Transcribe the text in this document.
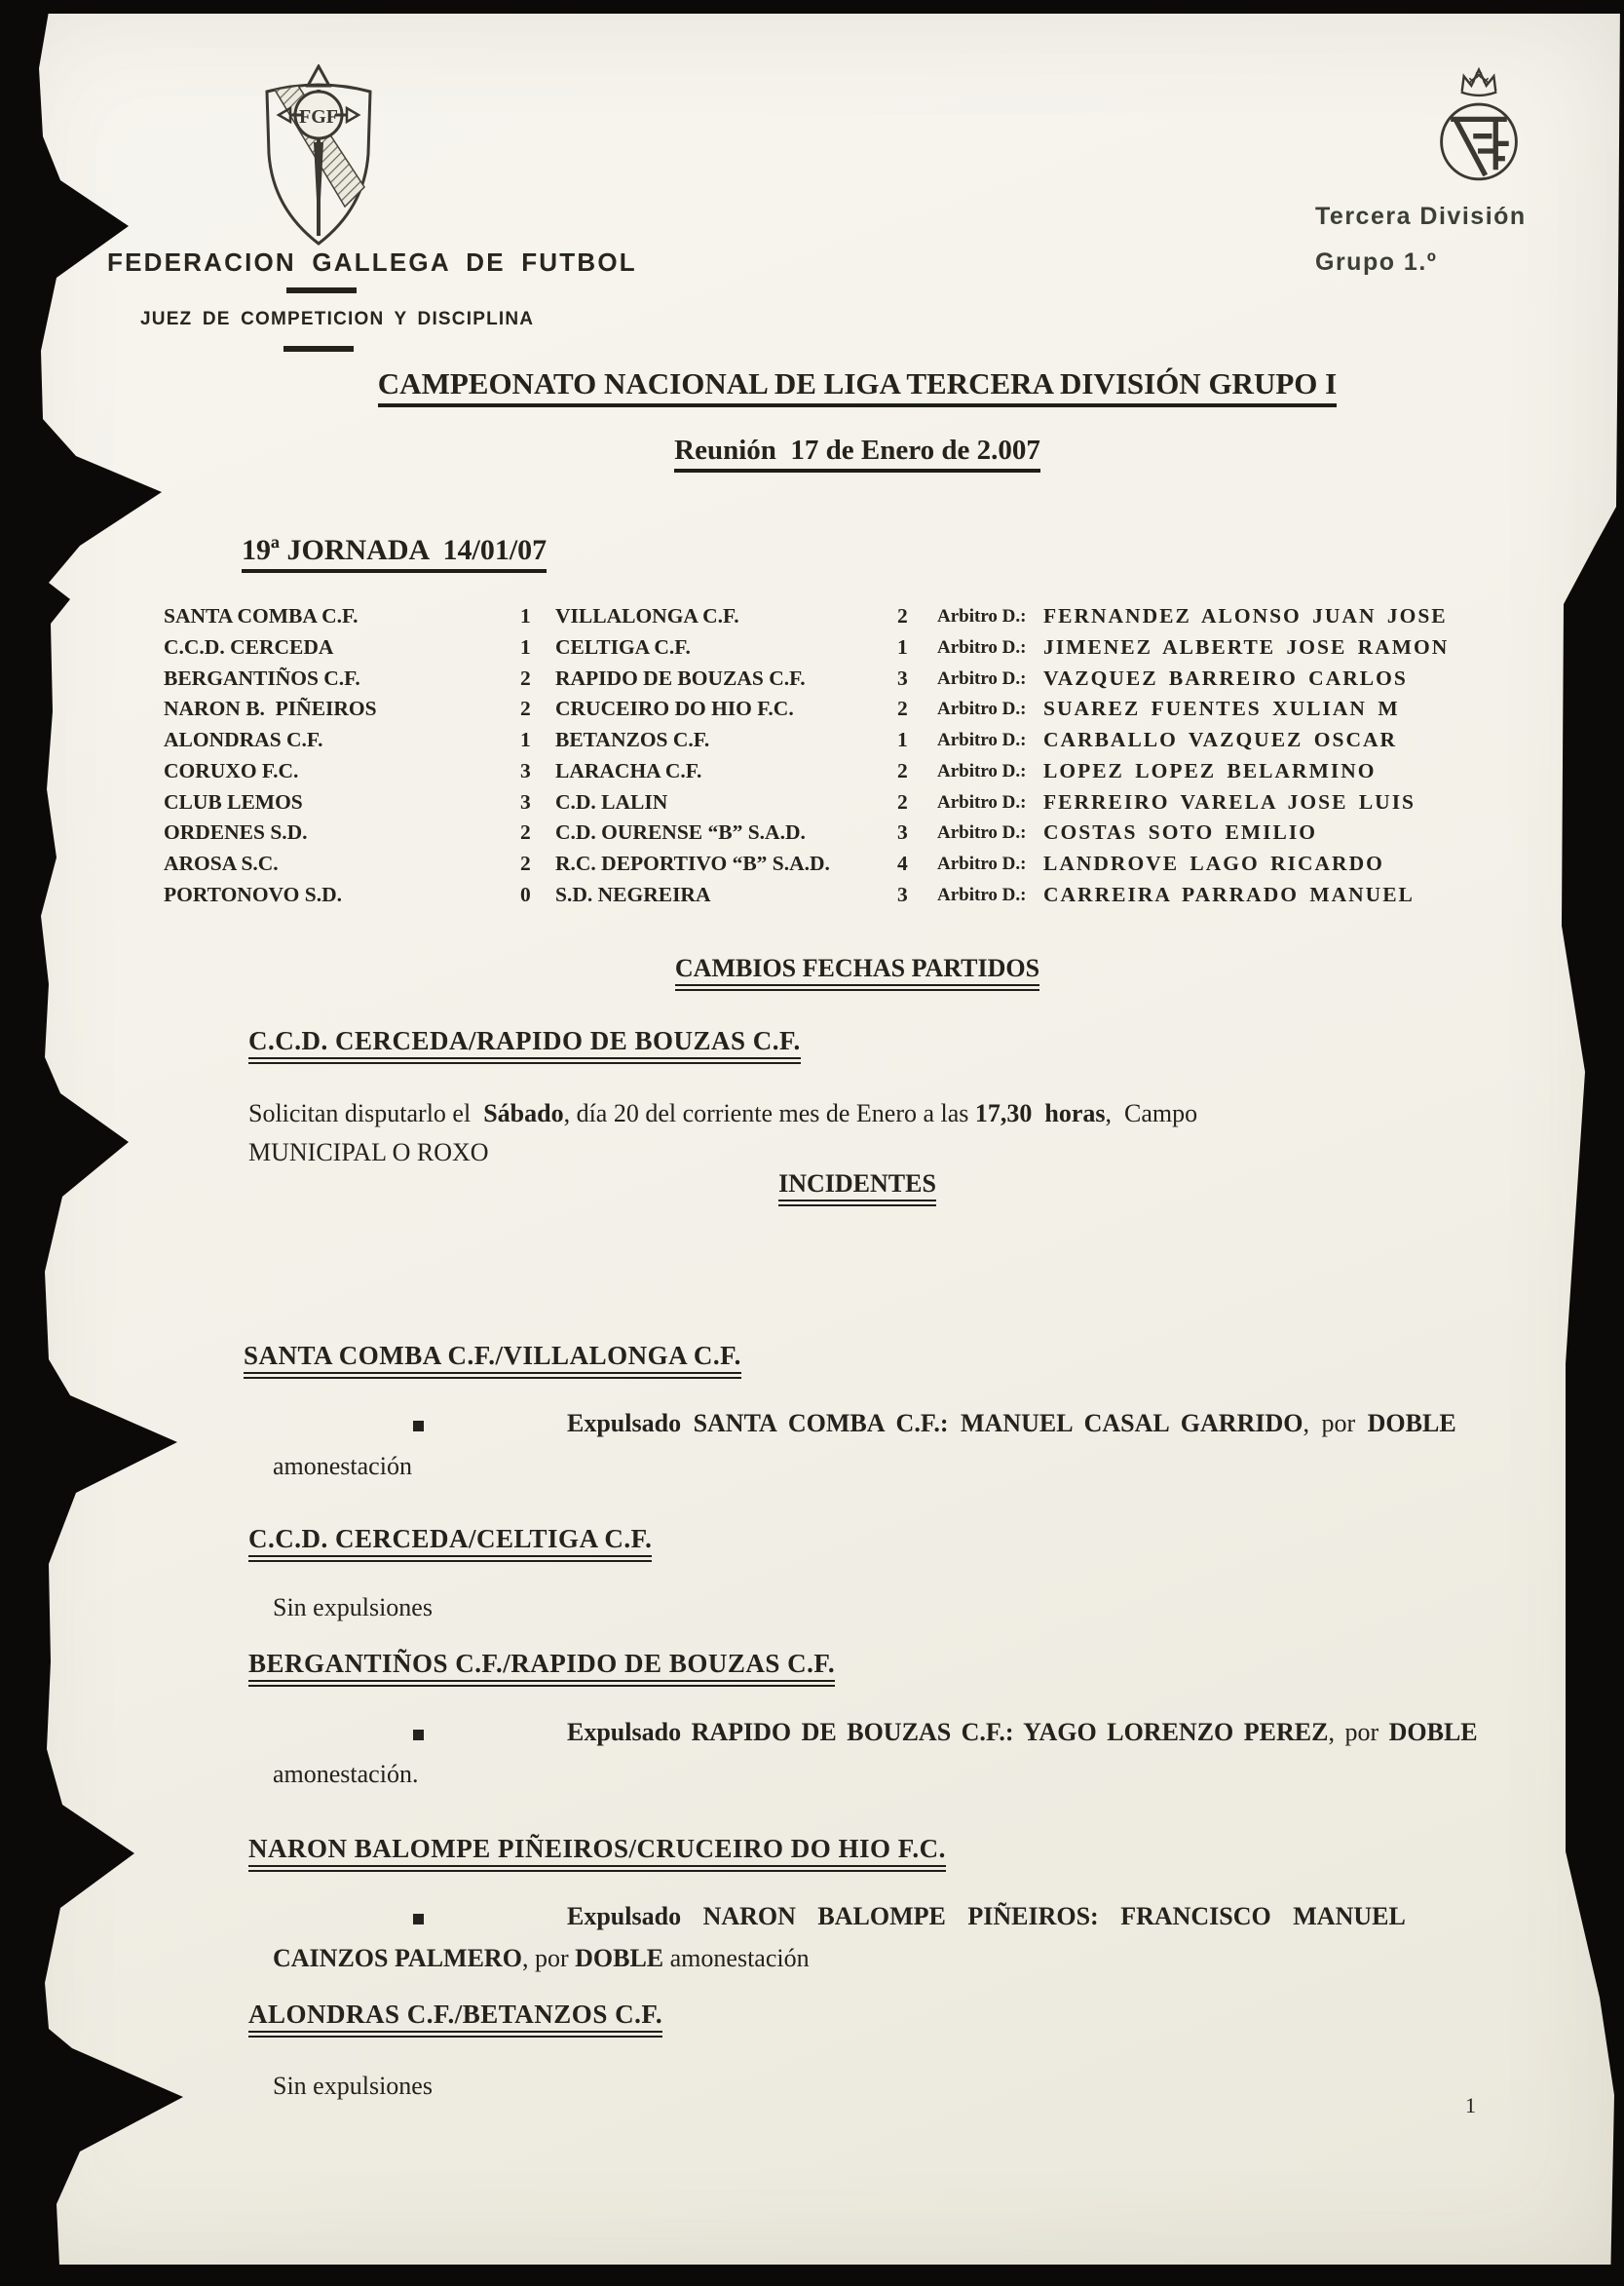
FGF
FEDERACION GALLEGA DE FUTBOL
JUEZ DE COMPETICION Y DISCIPLINA
Tercera División
Grupo 1.º
CAMPEONATO NACIONAL DE LIGA TERCERA DIVISIÓN GRUPO I
Reunión  17 de Enero de 2.007
19ª JORNADA  14/01/07
SANTA COMBA C.F.	1 VILLALONGA C.F.	2 Arbitro D.: FERNANDEZ ALONSO JUAN JOSE
C.C.D. CERCEDA	1 CELTIGA C.F.	1 Arbitro D.: JIMENEZ ALBERTE JOSE RAMON
BERGANTIÑOS C.F.	2 RAPIDO DE BOUZAS C.F.	3 Arbitro D.: VAZQUEZ BARREIRO CARLOS
NARON B.  PIÑEIROS	2 CRUCEIRO DO HIO F.C.	2 Arbitro D.: SUAREZ FUENTES XULIAN M
ALONDRAS C.F.	1 BETANZOS C.F.	1 Arbitro D.: CARBALLO VAZQUEZ OSCAR
CORUXO F.C.	3 LARACHA C.F.	2 Arbitro D.: LOPEZ LOPEZ BELARMINO
CLUB LEMOS	3 C.D. LALIN	2 Arbitro D.: FERREIRO VARELA JOSE LUIS
ORDENES S.D.	2 C.D. OURENSE “B” S.A.D.	3 Arbitro D.: COSTAS SOTO EMILIO
AROSA S.C.	2 R.C. DEPORTIVO “B” S.A.D.	4 Arbitro D.: LANDROVE LAGO RICARDO
PORTONOVO S.D.	0 S.D. NEGREIRA	3 Arbitro D.: CARREIRA PARRADO MANUEL
CAMBIOS FECHAS PARTIDOS
C.C.D. CERCEDA/RAPIDO DE BOUZAS C.F.
Solicitan disputarlo el  Sábado, día 20 del corriente mes de Enero a las 17,30  horas,  Campo
MUNICIPAL O ROXO
INCIDENTES
SANTA COMBA C.F./VILLALONGA C.F.
Expulsado SANTA COMBA C.F.: MANUEL CASAL GARRIDO, por DOBLE
amonestación
C.C.D. CERCEDA/CELTIGA C.F.
Sin expulsiones
BERGANTIÑOS C.F./RAPIDO DE BOUZAS C.F.
Expulsado RAPIDO DE BOUZAS C.F.: YAGO LORENZO PEREZ, por DOBLE
amonestación.
NARON BALOMPE PIÑEIROS/CRUCEIRO DO HIO F.C.
Expulsado NARON BALOMPE PIÑEIROS: FRANCISCO MANUEL
CAINZOS PALMERO, por DOBLE amonestación
ALONDRAS C.F./BETANZOS C.F.
Sin expulsiones
1
